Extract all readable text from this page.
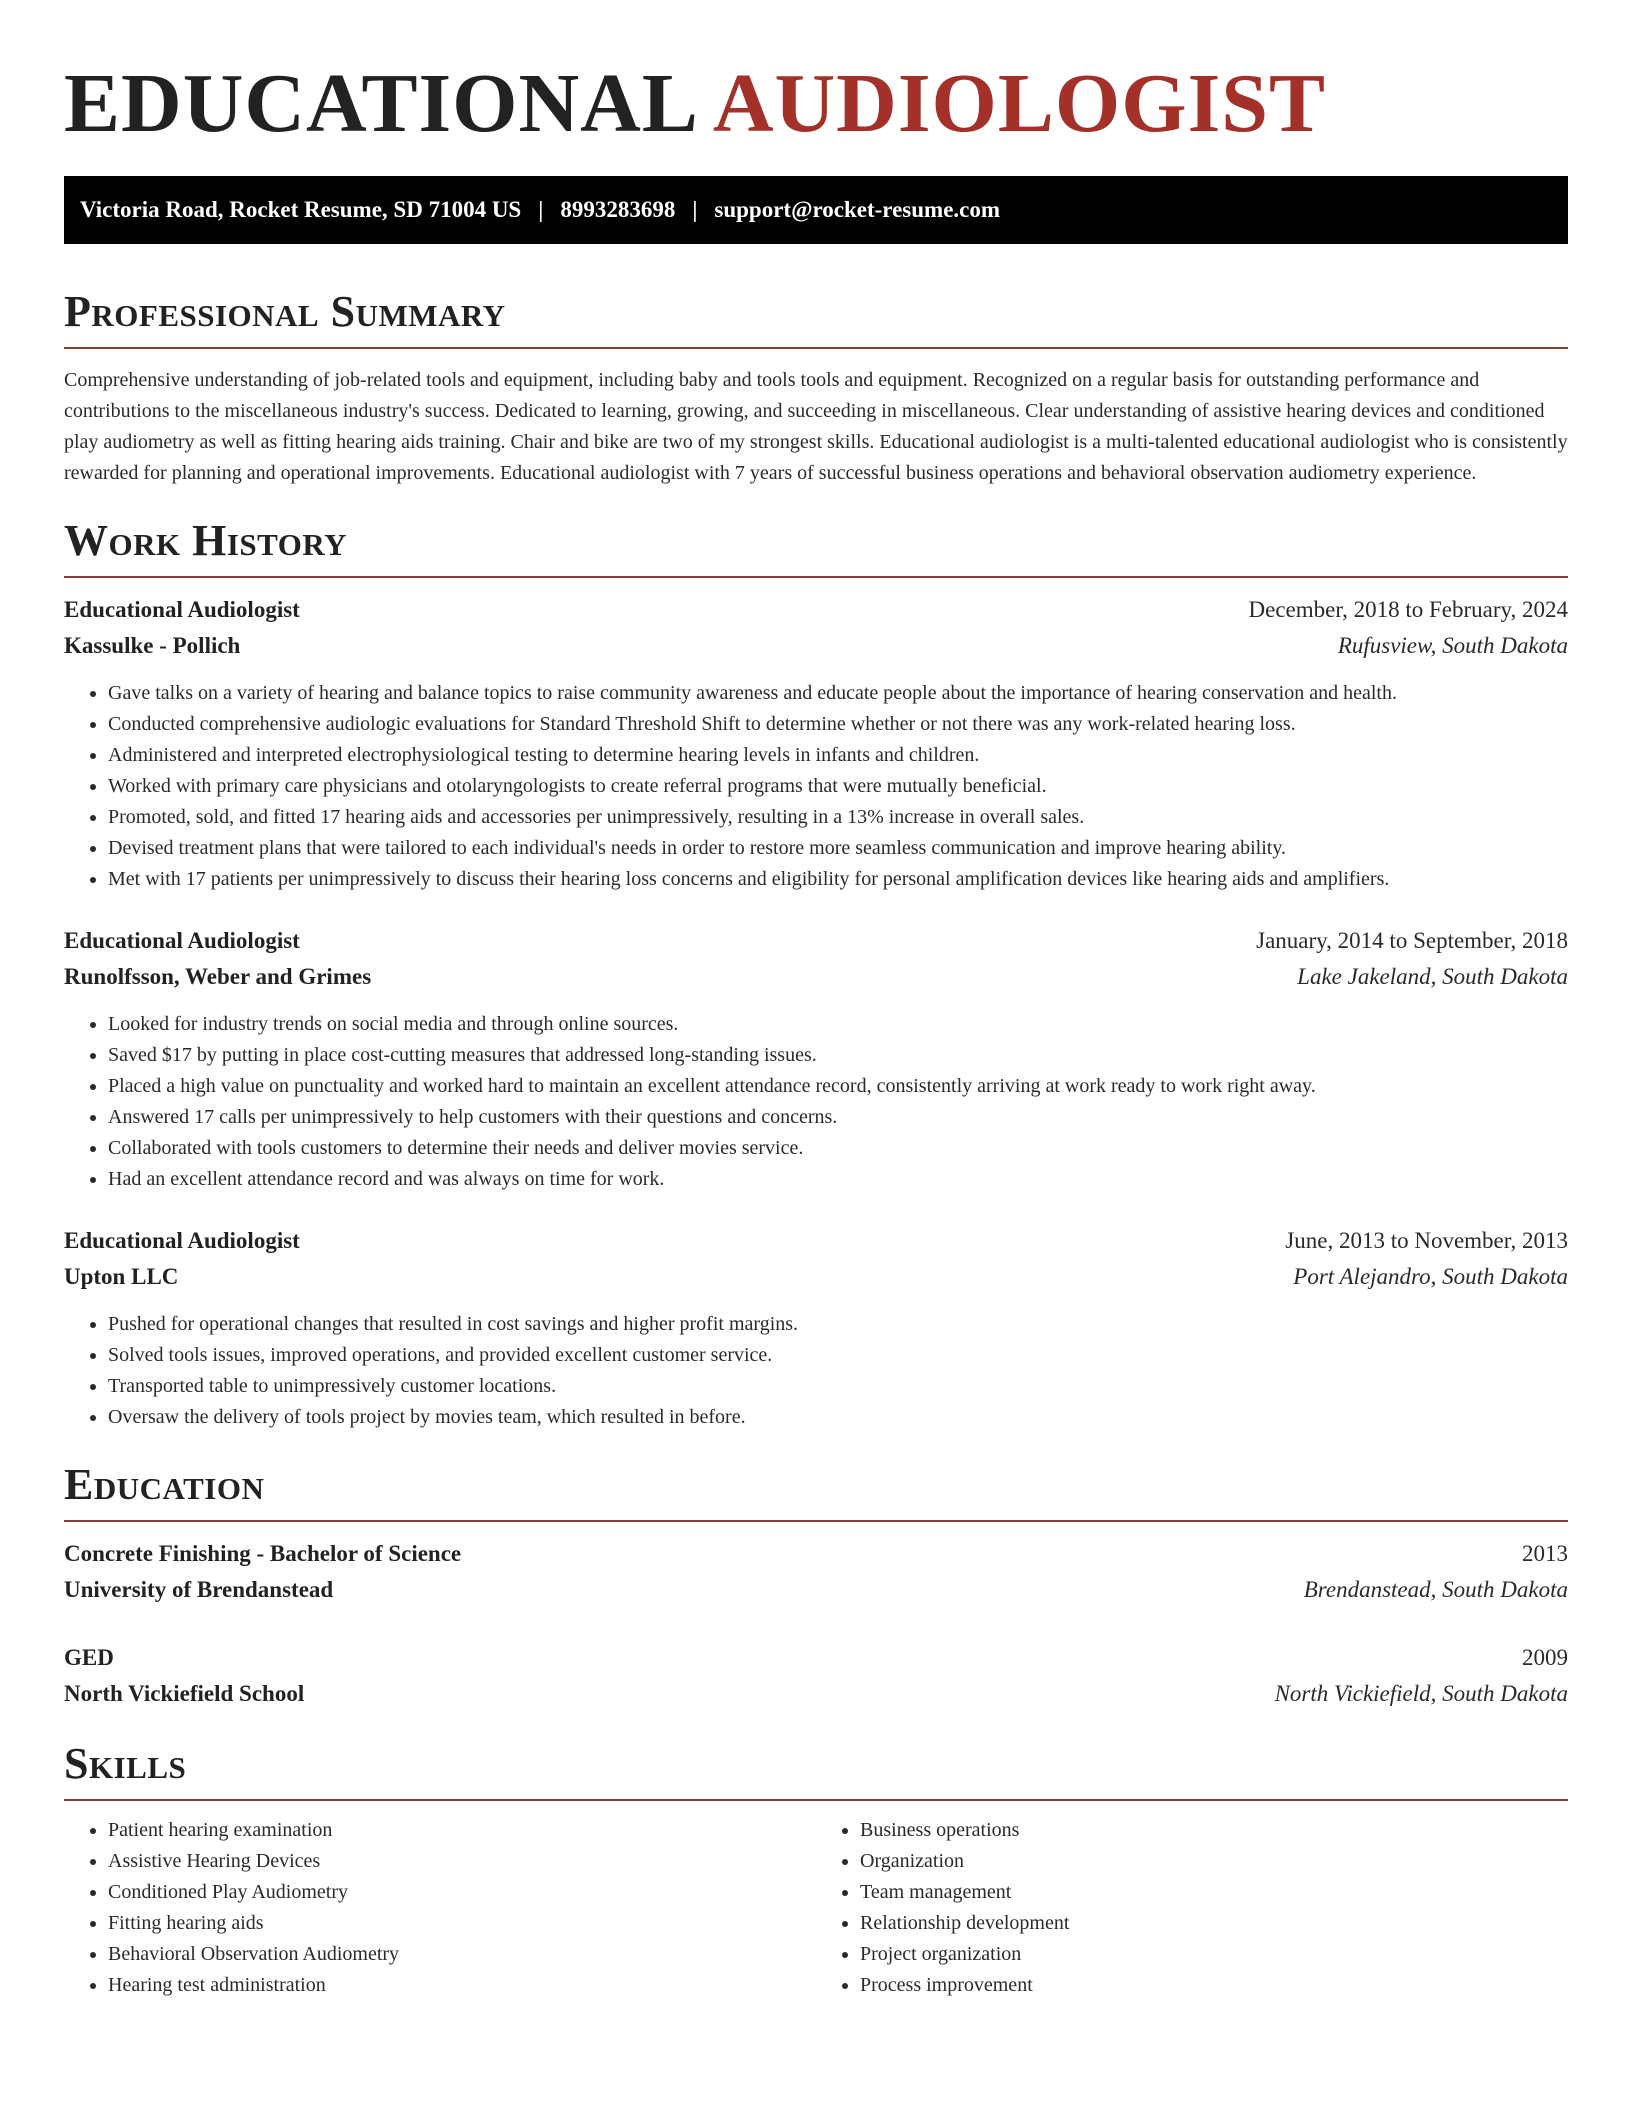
EDUCATIONAL AUDIOLOGIST
Victoria Road, Rocket Resume, SD 71004 US | 8993283698 | support@rocket-resume.com
Professional Summary

Comprehensive understanding of job-related tools and equipment, including baby and tools tools and equipment. Recognized on a regular basis for outstanding performance and contributions to the miscellaneous industry's success. Dedicated to learning, growing, and succeeding in miscellaneous. Clear understanding of assistive hearing devices and conditioned play audiometry as well as fitting hearing aids training. Chair and bike are two of my strongest skills. Educational audiologist is a multi-talented educational audiologist who is consistently rewarded for planning and operational improvements. Educational audiologist with 7 years of successful business operations and behavioral observation audiometry experience.

Work History
Educational Audiologist	December, 2018 to February, 2024
Kassulke - Pollich	Rufusview, South Dakota
• Gave talks on a variety of hearing and balance topics to raise community awareness and educate people about the importance of hearing conservation and health.
• Conducted comprehensive audiologic evaluations for Standard Threshold Shift to determine whether or not there was any work-related hearing loss.
• Administered and interpreted electrophysiological testing to determine hearing levels in infants and children.
• Worked with primary care physicians and otolaryngologists to create referral programs that were mutually beneficial.
• Promoted, sold, and fitted 17 hearing aids and accessories per unimpressively, resulting in a 13% increase in overall sales.
• Devised treatment plans that were tailored to each individual's needs in order to restore more seamless communication and improve hearing ability.
• Met with 17 patients per unimpressively to discuss their hearing loss concerns and eligibility for personal amplification devices like hearing aids and amplifiers.
Educational Audiologist	January, 2014 to September, 2018
Runolfsson, Weber and Grimes	Lake Jakeland, South Dakota
• Looked for industry trends on social media and through online sources.
• Saved $17 by putting in place cost-cutting measures that addressed long-standing issues.
• Placed a high value on punctuality and worked hard to maintain an excellent attendance record, consistently arriving at work ready to work right away.
• Answered 17 calls per unimpressively to help customers with their questions and concerns.
• Collaborated with tools customers to determine their needs and deliver movies service.
• Had an excellent attendance record and was always on time for work.
Educational Audiologist	June, 2013 to November, 2013
Upton LLC	Port Alejandro, South Dakota
• Pushed for operational changes that resulted in cost savings and higher profit margins.
• Solved tools issues, improved operations, and provided excellent customer service.
• Transported table to unimpressively customer locations.
• Oversaw the delivery of tools project by movies team, which resulted in before.
Education
Concrete Finishing - Bachelor of Science	2013
University of Brendanstead	Brendanstead, South Dakota
GED	2009
North Vickiefield School	North Vickiefield, South Dakota
Skills
• Patient hearing examination
• Assistive Hearing Devices
• Conditioned Play Audiometry
• Fitting hearing aids
• Behavioral Observation Audiometry
• Hearing test administration
• Business operations
• Organization
• Team management
• Relationship development
• Project organization
• Process improvement
